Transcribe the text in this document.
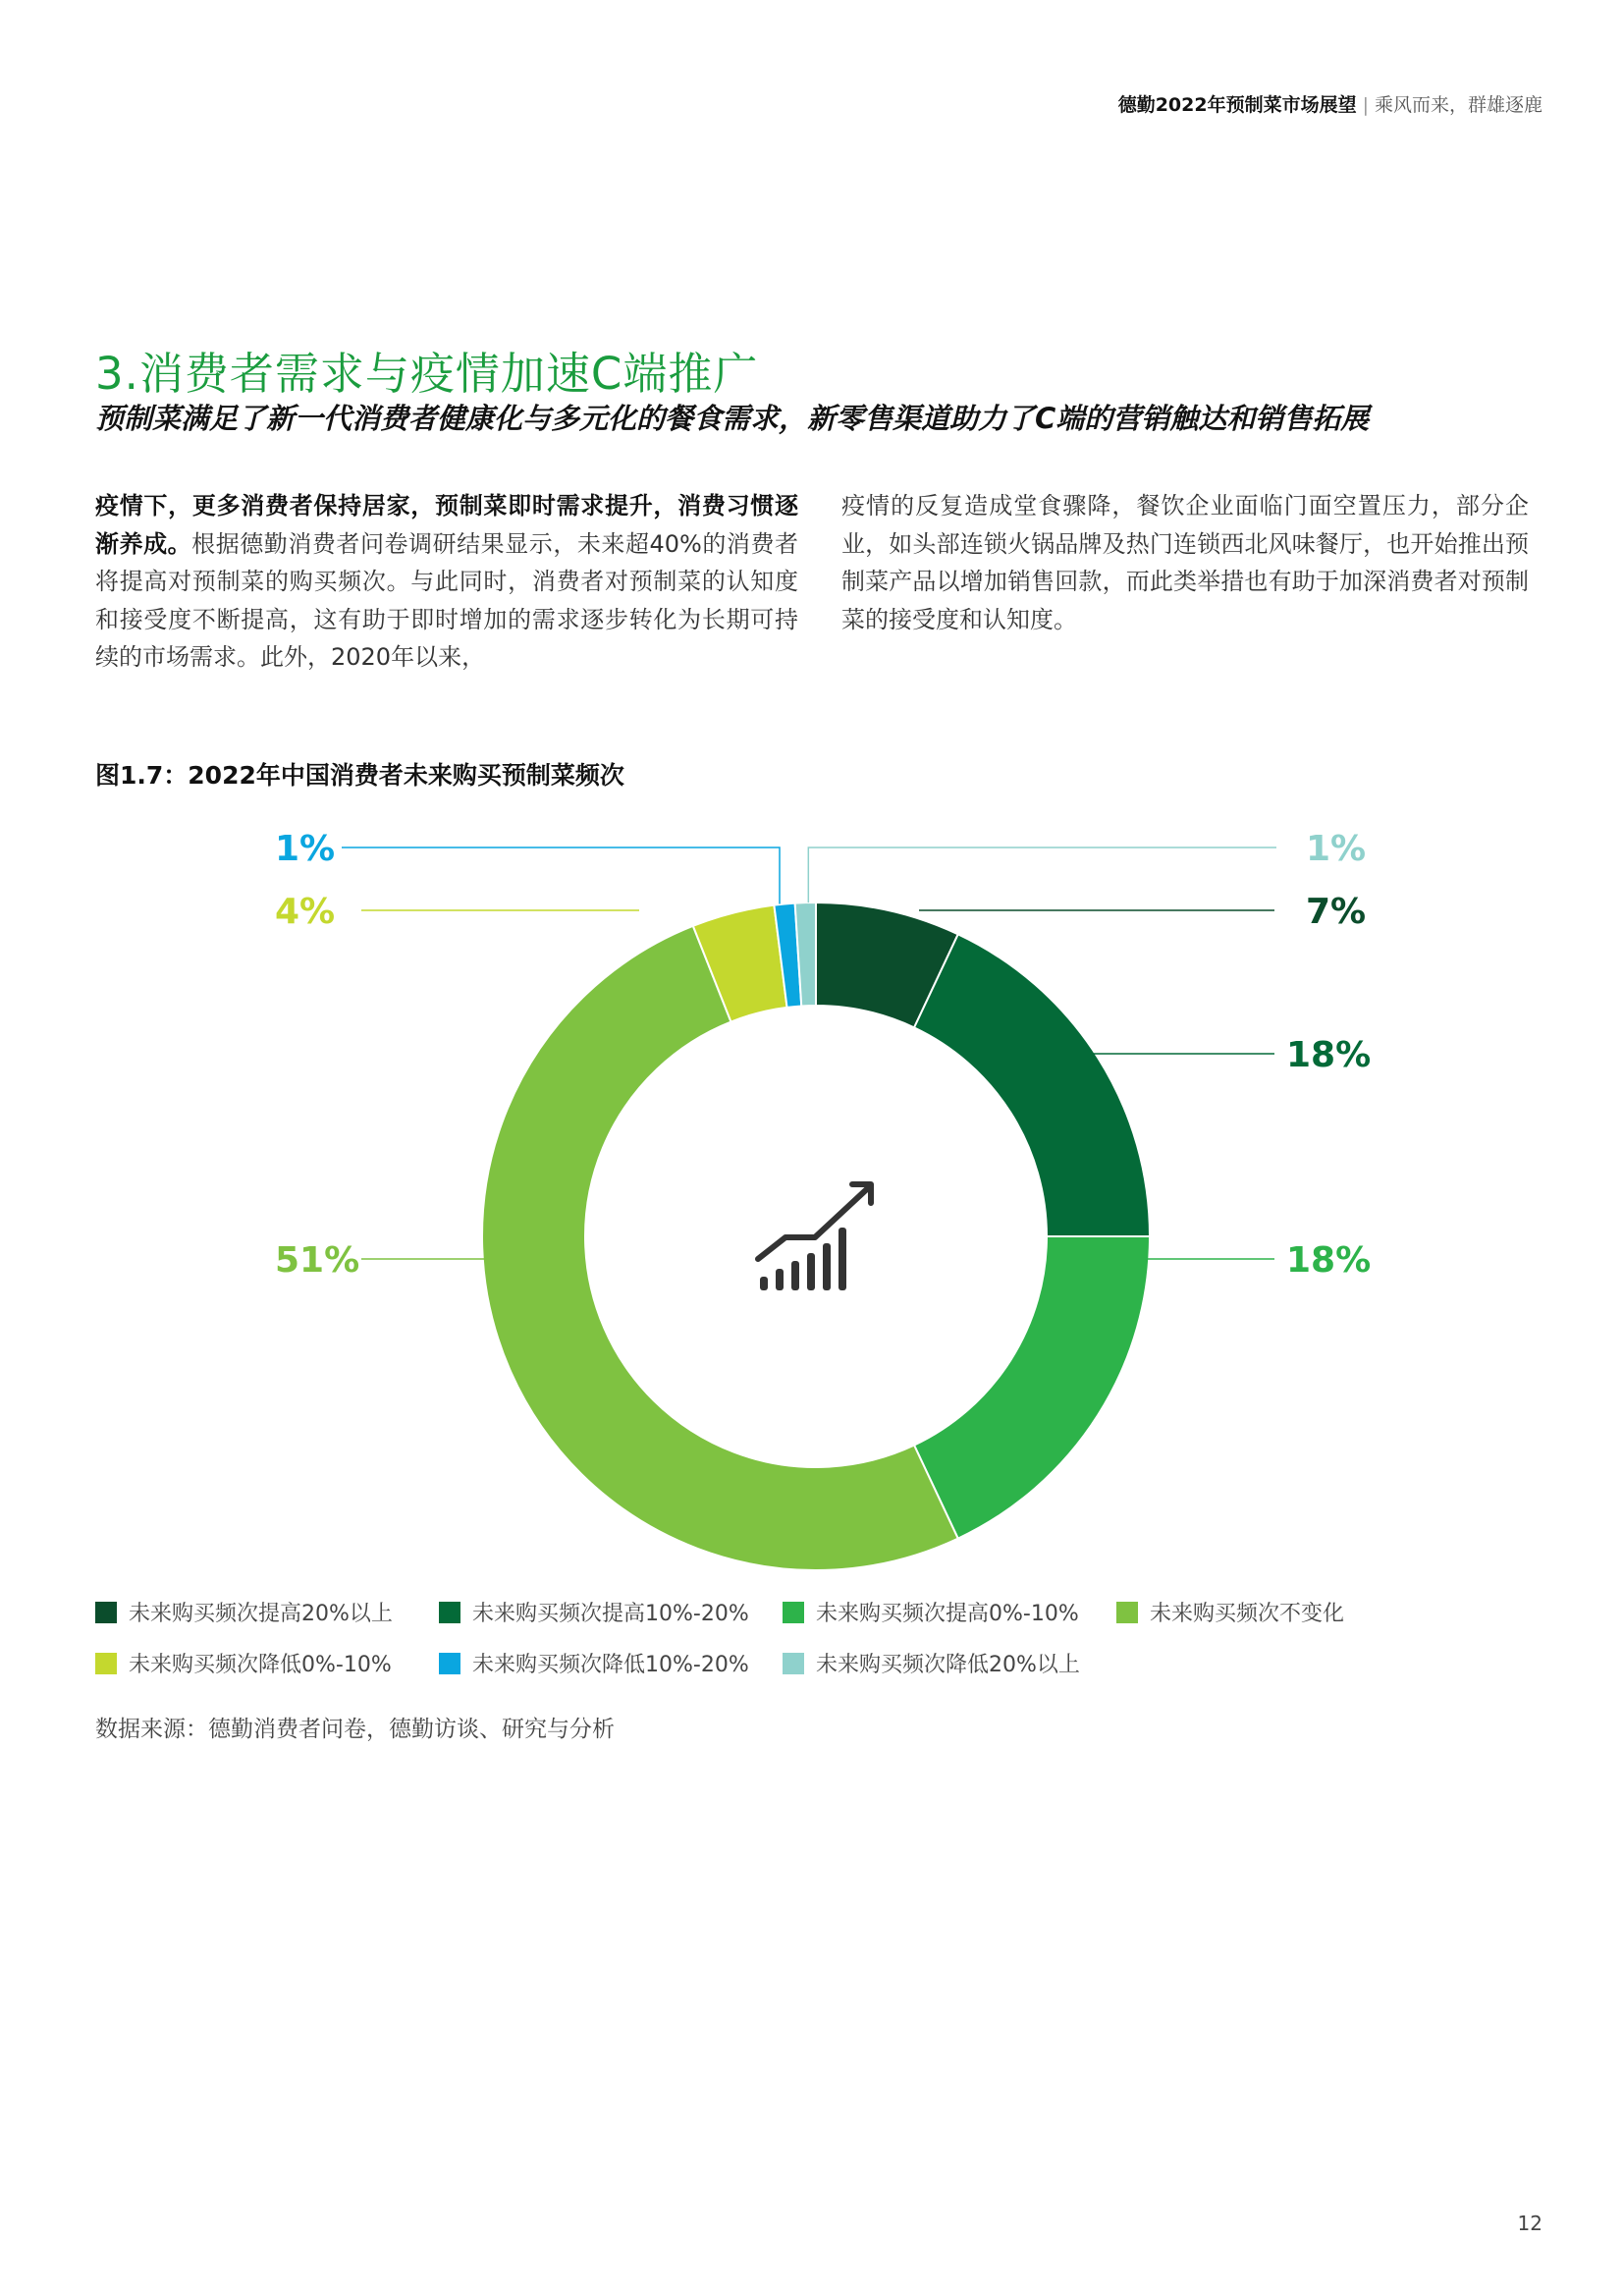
德勤2022年预制菜市场展望 | 乘风而来，群雄逐鹿
3.消费者需求与疫情加速C端推广
预制菜满足了新一代消费者健康化与多元化的餐食需求，新零售渠道助力了C端的营销触达和销售拓展
疫情下，更多消费者保持居家，预制菜即时需求提升，消费习惯逐渐养成。根据德勤消费者问卷调研结果显示，未来超40%的消费者将提高对预制菜的购买频次。与此同时，消费者对预制菜的认知度和接受度不断提高，这有助于即时增加的需求逐步转化为长期可持续的市场需求。此外，2020年以来，
疫情的反复造成堂食骤降，餐饮企业面临门面空置压力，部分企业，如头部连锁火锅品牌及热门连锁西北风味餐厅，也开始推出预制菜产品以增加销售回款，而此类举措也有助于加深消费者对预制菜的接受度和认知度。
图1.7：2022年中国消费者未来购买预制菜频次
7%
18%
18%
51%
4%
1%	1%
未来购买频次提高20%以上	未来购买频次提高10%-20%	未来购买频次提高0%-10%	未来购买频次不变化
未来购买频次降低0%-10%	未来购买频次降低10%-20%	未来购买频次降低20%以上
数据来源：德勤消费者问卷，德勤访谈、研究与分析
12
